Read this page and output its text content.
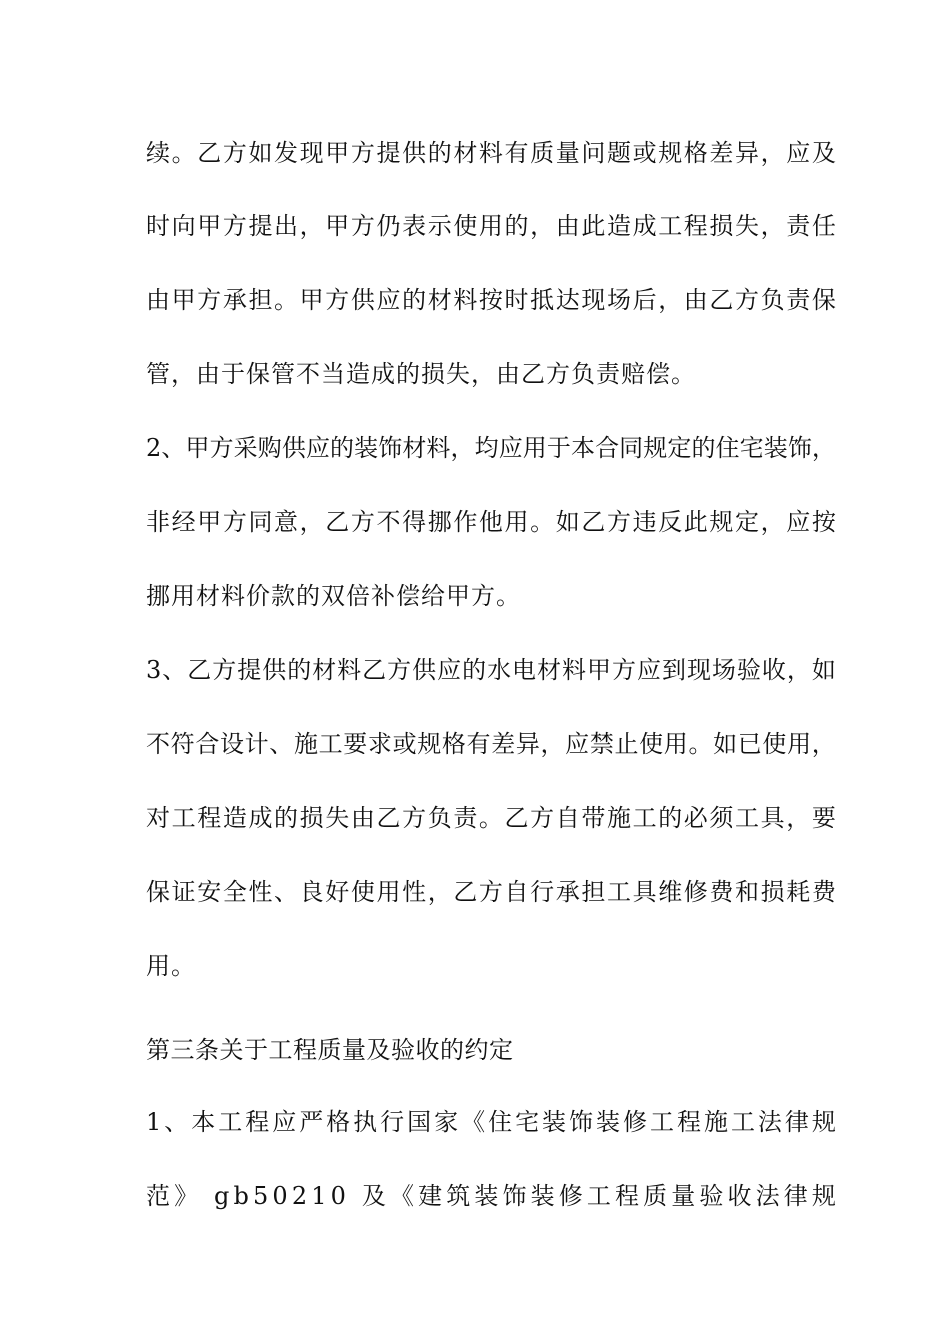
续 。 乙 方 如 发 现 甲 方 提 供 的 材 料 有 质 量 问 题 或 规 格 差 异 ， 应 及
时 向 甲 方 提 出 ， 甲 方 仍 表 示 使 用 的 ， 由 此 造 成 工 程 损 失 ， 责 任
由 甲 方 承 担 。 甲 方 供 应 的 材 料 按 时 抵 达 现 场 后 ， 由 乙 方 负 责 保
管，由于保管不当造成的损失，由乙方负责赔偿。
2 、 甲 方 采 购 供 应 的 装 饰 材 料 ， 均 应 用 于 本 合 同 规 定 的 住 宅 装 饰 ，
非 经 甲 方 同 意 ， 乙 方 不 得 挪 作 他 用 。 如 乙 方 违 反 此 规 定 ， 应 按
挪用材料价款的双倍补偿给甲方。
3 、 乙 方 提 供 的 材 料 乙 方 供 应 的 水 电 材 料 甲 方 应 到 现 场 验 收 ， 如
不 符 合 设 计 、 施 工 要 求 或 规 格 有 差 异 ， 应 禁 止 使 用 。 如 已 使 用 ，
对 工 程 造 成 的 损 失 由 乙 方 负 责 。 乙 方 自 带 施 工 的 必 须 工 具 ， 要
保 证 安 全 性 、 良 好 使 用 性 ， 乙 方 自 行 承 担 工 具 维 修 费 和 损 耗 费
用。
第三条关于工程质量及验收的约定
1 、 本 工 程 应 严 格 执 行 国 家 《 住 宅 装 饰 装 修 工 程 施 工 法 律 规
范 》
g b 5 0 2 1 0
及 《 建 筑 装 饰 装 修 工 程 质 量 验 收 法 律 规
